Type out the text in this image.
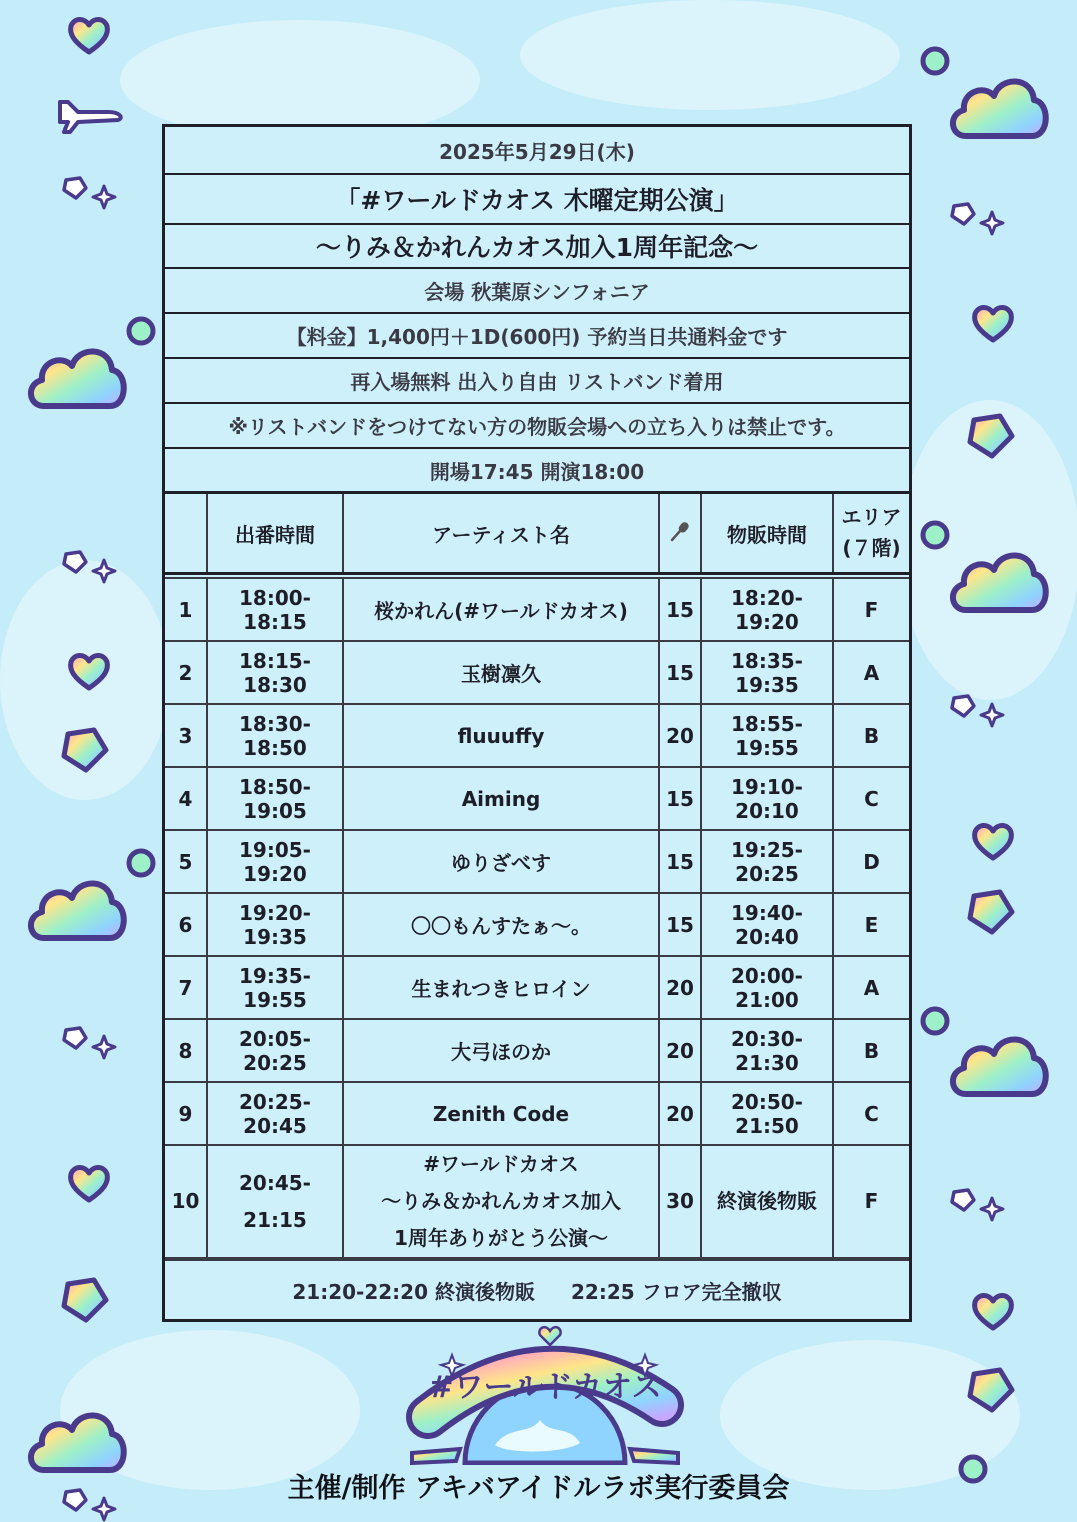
2025年5月29日(木)
「#ワールドカオス 木曜定期公演」
〜りみ＆かれんカオス加入1周年記念〜
会場 秋葉原シンフォニア
【料金】1,400円＋1D(600円) 予約当日共通料金です
再入場無料 出入り自由 リストバンド着用
※リストバンドをつけてない方の物販会場への立ち入りは禁止です。
開場17:45 開演18:00
	出番時間	アーティスト名		物販時間	エリア
(７階)

1	18:00-18:15	桜かれん(#ワールドカオス)	15	18:20-19:20	F
2	18:15-18:30	玉樹凛久	15	18:35-19:35	A
3	18:30-18:50	fluuuffy	20	18:55-19:55	B
4	18:50-19:05	Aiming	15	19:10-20:10	C
5	19:05-19:20	ゆりざべす	15	19:25-20:25	D
6	19:20-19:35	〇〇もんすたぁ〜。	15	19:40-20:40	E
7	19:35-19:55	生まれつきヒロイン	20	20:00-21:00	A
8	20:05-20:25	大弓ほのか	20	20:30-21:30	B
9	20:25-20:45	Zenith Code	20	20:50-21:50	C
10	20:45-21:15	#ワールドカオス
〜りみ＆かれんカオス加入
1周年ありがとう公演〜	30	終演後物販	F
21:20-22:20 終演後物販 22:25 フロア完全撤収
#ワールドカオス
主催/制作 アキバアイドルラボ実行委員会
